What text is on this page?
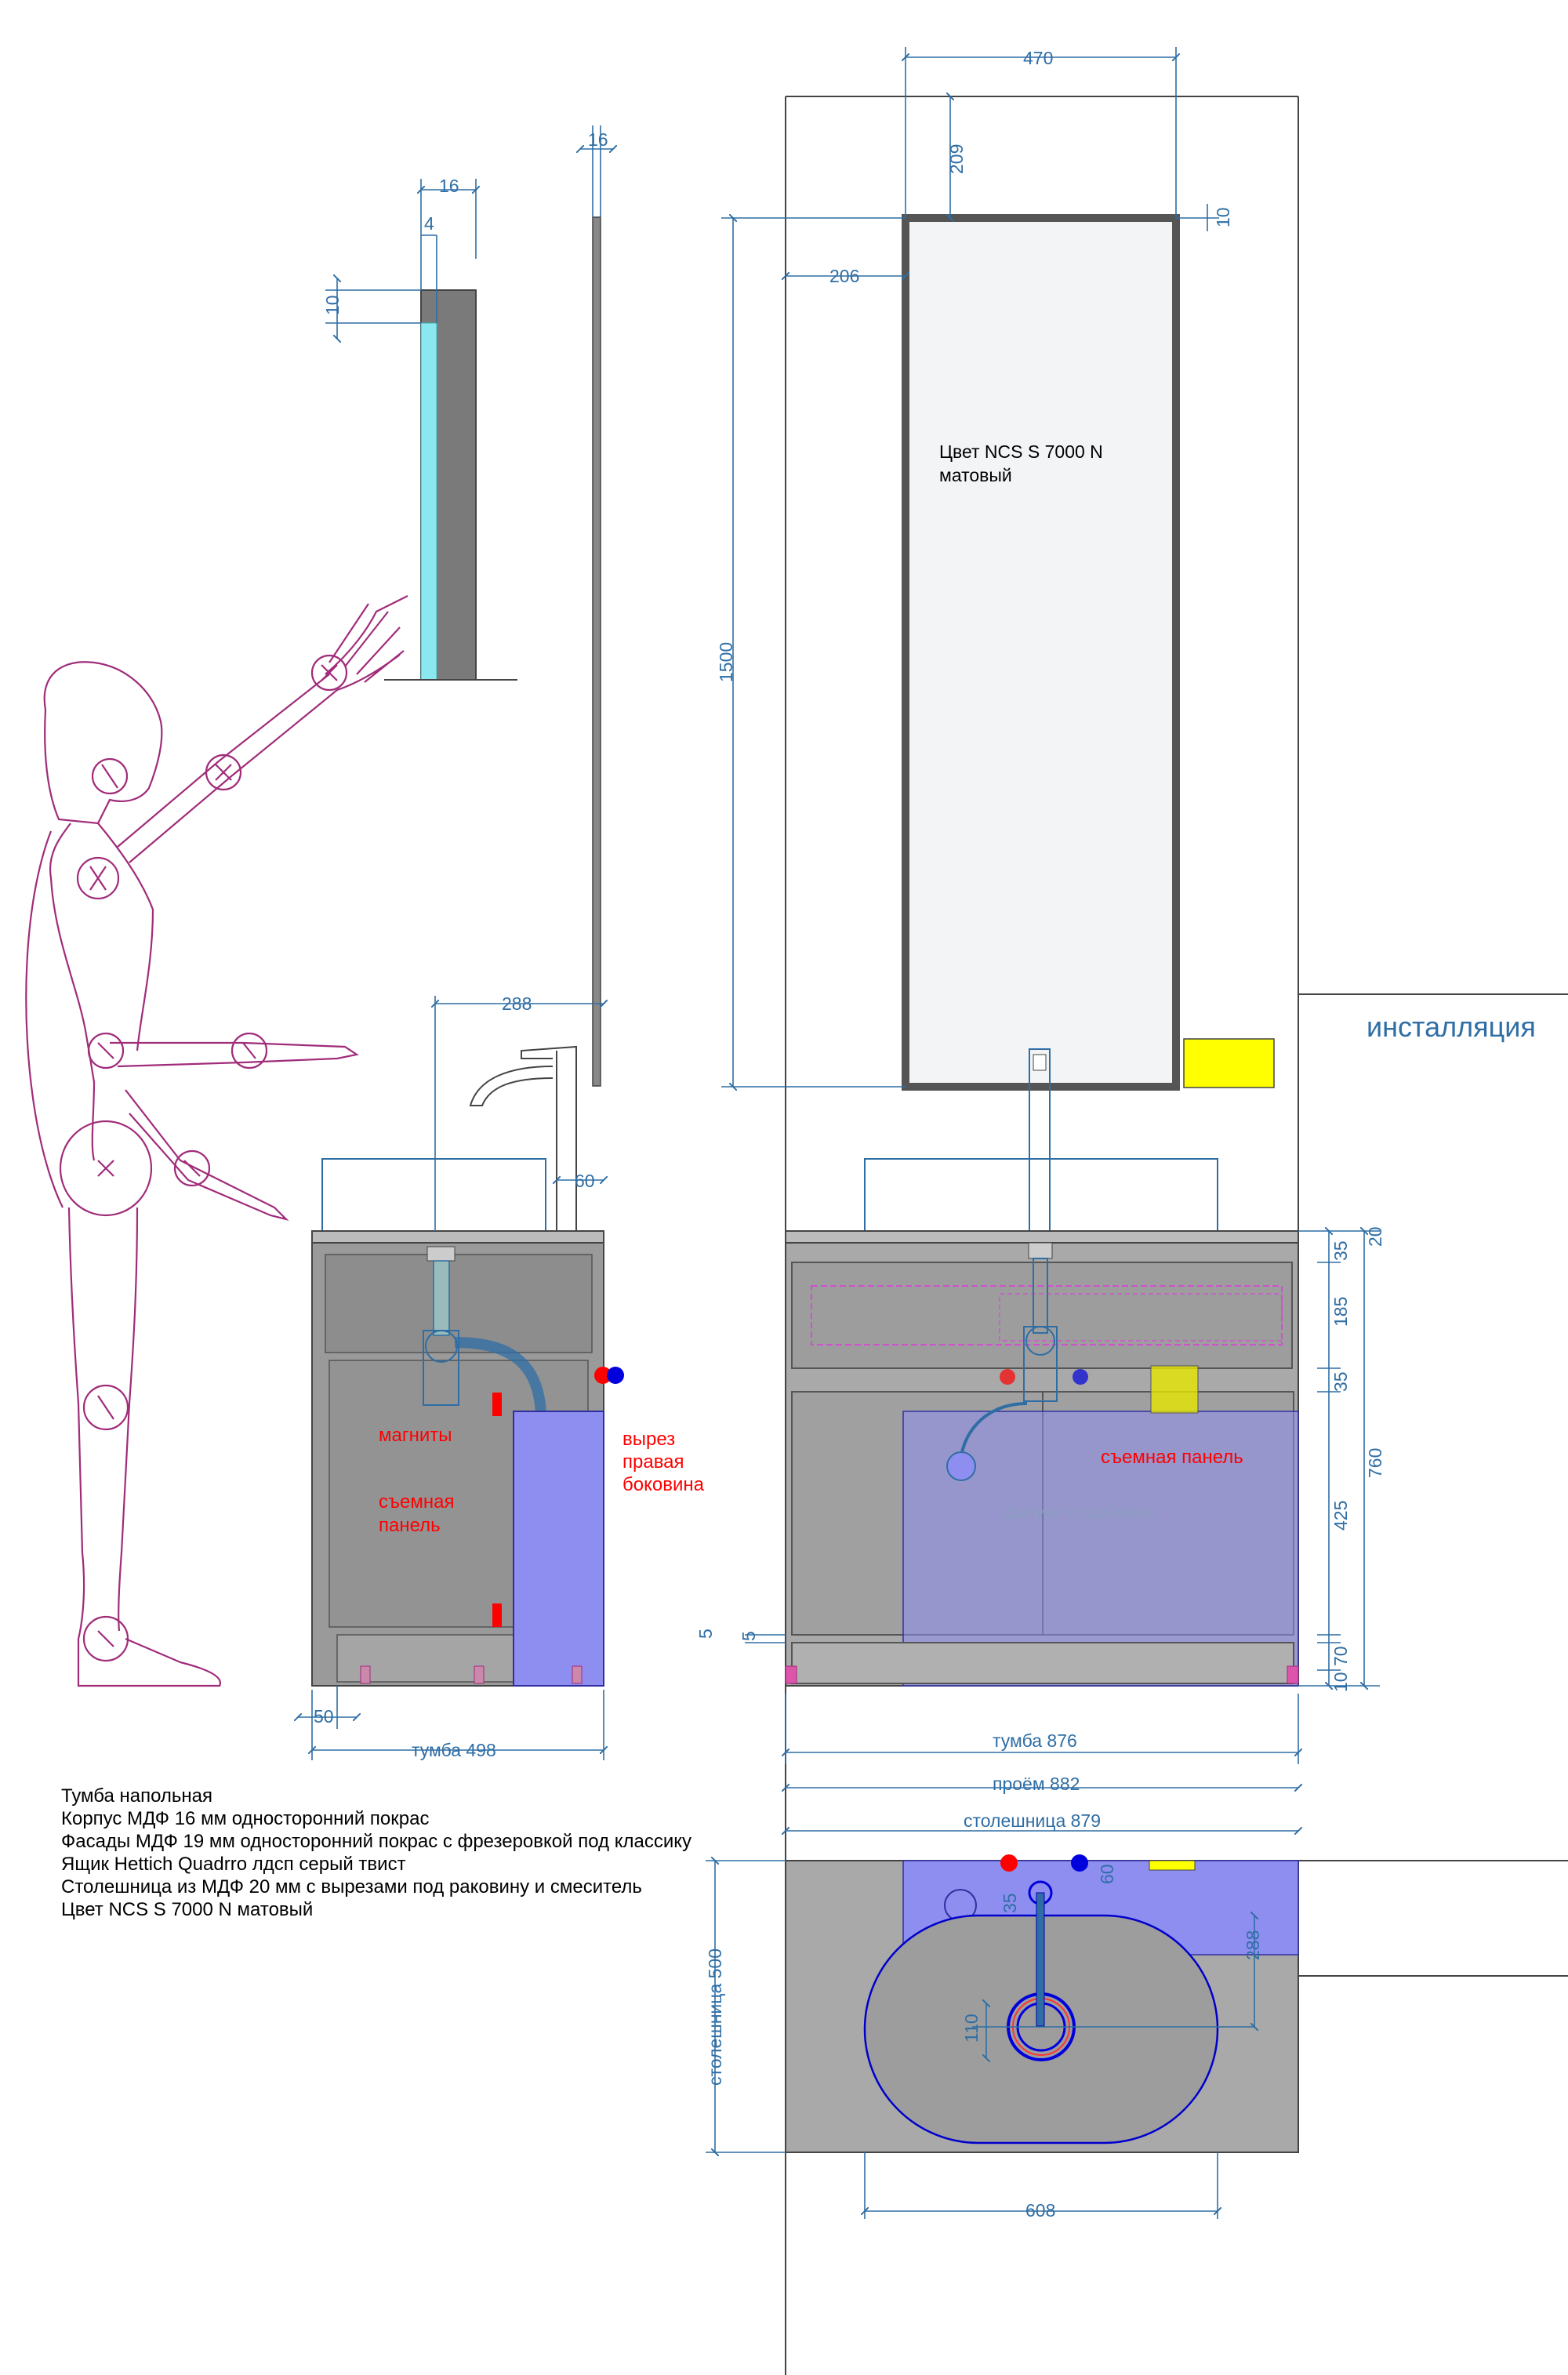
16
4
10
16
288
60
50
тумба 498
магниты
съемная
панель
вырез
правая
боковина
470
209
10
206
1500
Цвет NCS S 7000 N
матовый
инсталляция
съемная панель
фитинг с тройника
20
35
185
35
425
760
70
10
5 5
тумба 876
проём 882
столешница 879
столешница 500
35
60
288
110
608
Тумба напольная
Корпус МДФ 16 мм односторонний покрас
Фасады МДФ 19 мм односторонний покрас с фрезеровкой под классику
Ящик Hettich Quadrro лдсп серый твист
Столешница из МДФ 20 мм с вырезами под раковину и смеситель
Цвет NCS S 7000 N матовый
